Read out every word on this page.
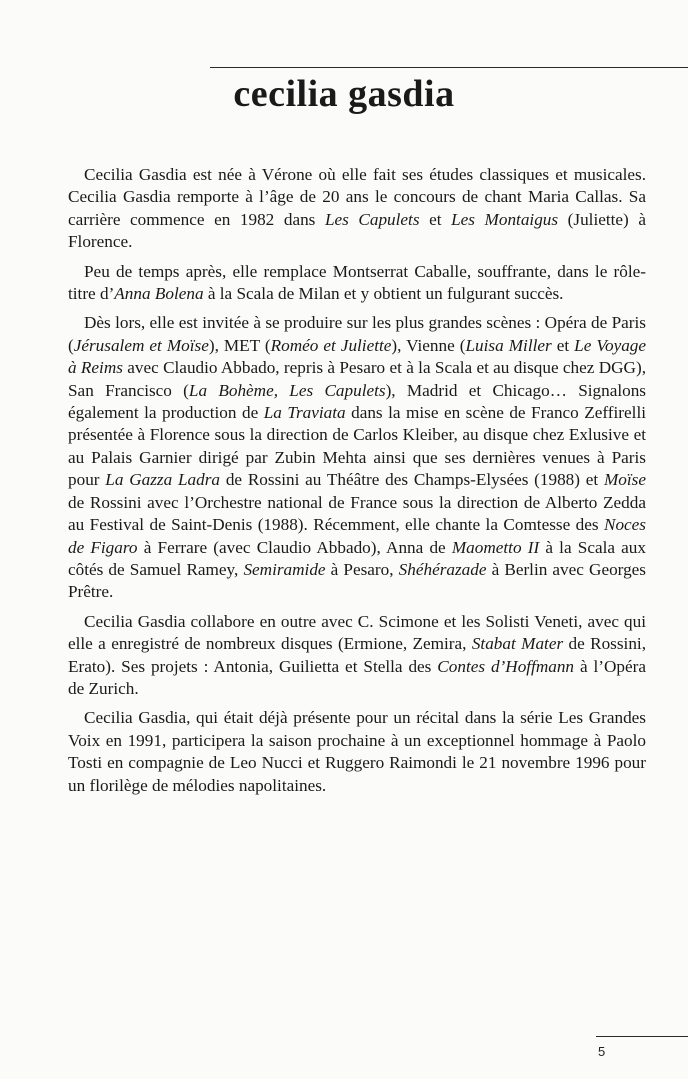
cecilia gasdia

Cecilia Gasdia est née à Vérone où elle fait ses études classiques et musicales. Cecilia Gasdia remporte à l’âge de 20 ans le concours de chant Maria Callas. Sa carrière commence en 1982 dans Les Capulets et Les Montaigus (Juliette) à Florence.

Peu de temps après, elle remplace Montserrat Caballe, souffrante, dans le rôle-titre d’Anna Bolena à la Scala de Milan et y obtient un fulgurant succès.

Dès lors, elle est invitée à se produire sur les plus grandes scènes : Opéra de Paris (Jérusalem et Moïse), MET (Roméo et Juliette), Vienne (Luisa Miller et Le Voyage à Reims avec Claudio Abbado, repris à Pesaro et à la Scala et au disque chez DGG), San Francisco (La Bohème, Les Capulets), Madrid et Chicago… Signalons également la production de La Traviata dans la mise en scène de Franco Zeffirelli présentée à Florence sous la direction de Carlos Kleiber, au disque chez Exlusive et au Palais Garnier dirigé par Zubin Mehta ainsi que ses dernières venues à Paris pour La Gazza Ladra de Rossini au Théâtre des Champs-Elysées (1988) et Moïse de Rossini avec l’Orchestre national de France sous la direction de Alberto Zedda au Festival de Saint-Denis (1988). Récemment, elle chante la Comtesse des Noces de Figaro à Ferrare (avec Claudio Abbado), Anna de Maometto II à la Scala aux côtés de Samuel Ramey, Semiramide à Pesaro, Shéhérazade à Berlin avec Georges Prêtre.

Cecilia Gasdia collabore en outre avec C. Scimone et les Solisti Veneti, avec qui elle a enregistré de nombreux disques (Ermione, Zemira, Stabat Mater de Rossini, Erato). Ses projets : Antonia, Guilietta et Stella des Contes d’Hoffmann à l’Opéra de Zurich.

Cecilia Gasdia, qui était déjà présente pour un récital dans la série Les Grandes Voix en 1991, participera la saison prochaine à un exceptionnel hommage à Paolo Tosti en compagnie de Leo Nucci et Ruggero Raimondi le 21 novembre 1996 pour un florilège de mélodies napolitaines.

5
